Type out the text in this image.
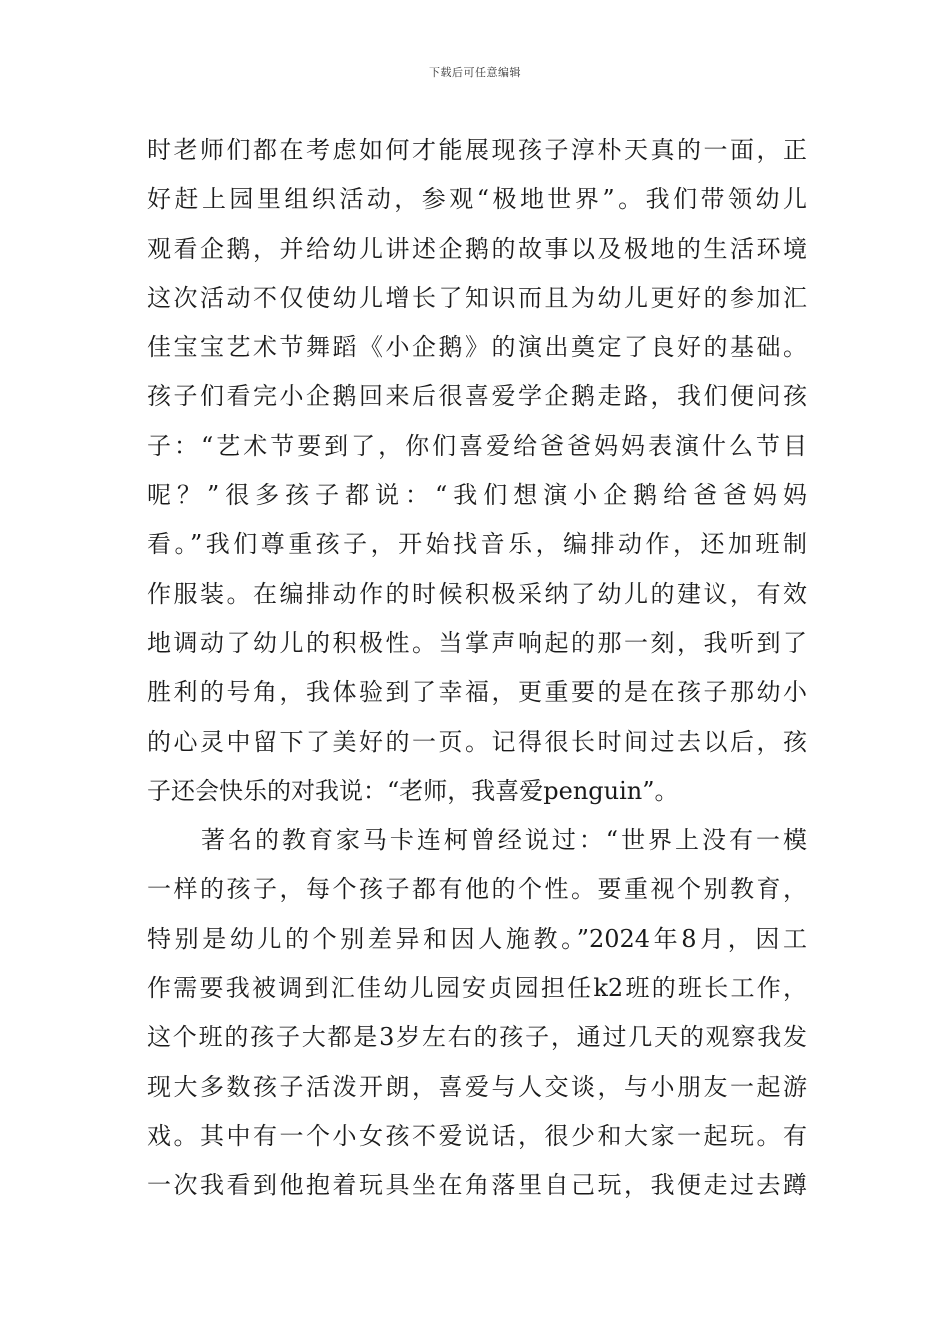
下载后可任意编辑
时老师们都在考虑如何才能展现孩子淳朴天真的一面，正
好赶上园里组织活动，参观“极地世界”。我们带领幼儿
观看企鹅，并给幼儿讲述企鹅的故事以及极地的生活环境
这次活动不仅使幼儿增长了知识而且为幼儿更好的参加汇
佳宝宝艺术节舞蹈《小企鹅》的演出奠定了良好的基础。
孩子们看完小企鹅回来后很喜爱学企鹅走路，我们便问孩
子：“艺术节要到了，你们喜爱给爸爸妈妈表演什么节目
呢？”很多孩子都说：“我们想演小企鹅给爸爸妈妈
看。”我们尊重孩子，开始找音乐，编排动作，还加班制
作服装。在编排动作的时候积极采纳了幼儿的建议，有效
地调动了幼儿的积极性。当掌声响起的那一刻，我听到了
胜利的号角，我体验到了幸福，更重要的是在孩子那幼小
的心灵中留下了美好的一页。记得很长时间过去以后，孩
子还会快乐的对我说：“老师，我喜爱penguin”。
著名的教育家马卡连柯曾经说过：“世界上没有一模
一样的孩子，每个孩子都有他的个性。要重视个别教育，
特别是幼儿的个别差异和因人施教。”2024年8月，因工
作需要我被调到汇佳幼儿园安贞园担任k2班的班长工作，
这个班的孩子大都是3岁左右的孩子，通过几天的观察我发
现大多数孩子活泼开朗，喜爱与人交谈，与小朋友一起游
戏。其中有一个小女孩不爱说话，很少和大家一起玩。有
一次我看到他抱着玩具坐在角落里自己玩，我便走过去蹲
